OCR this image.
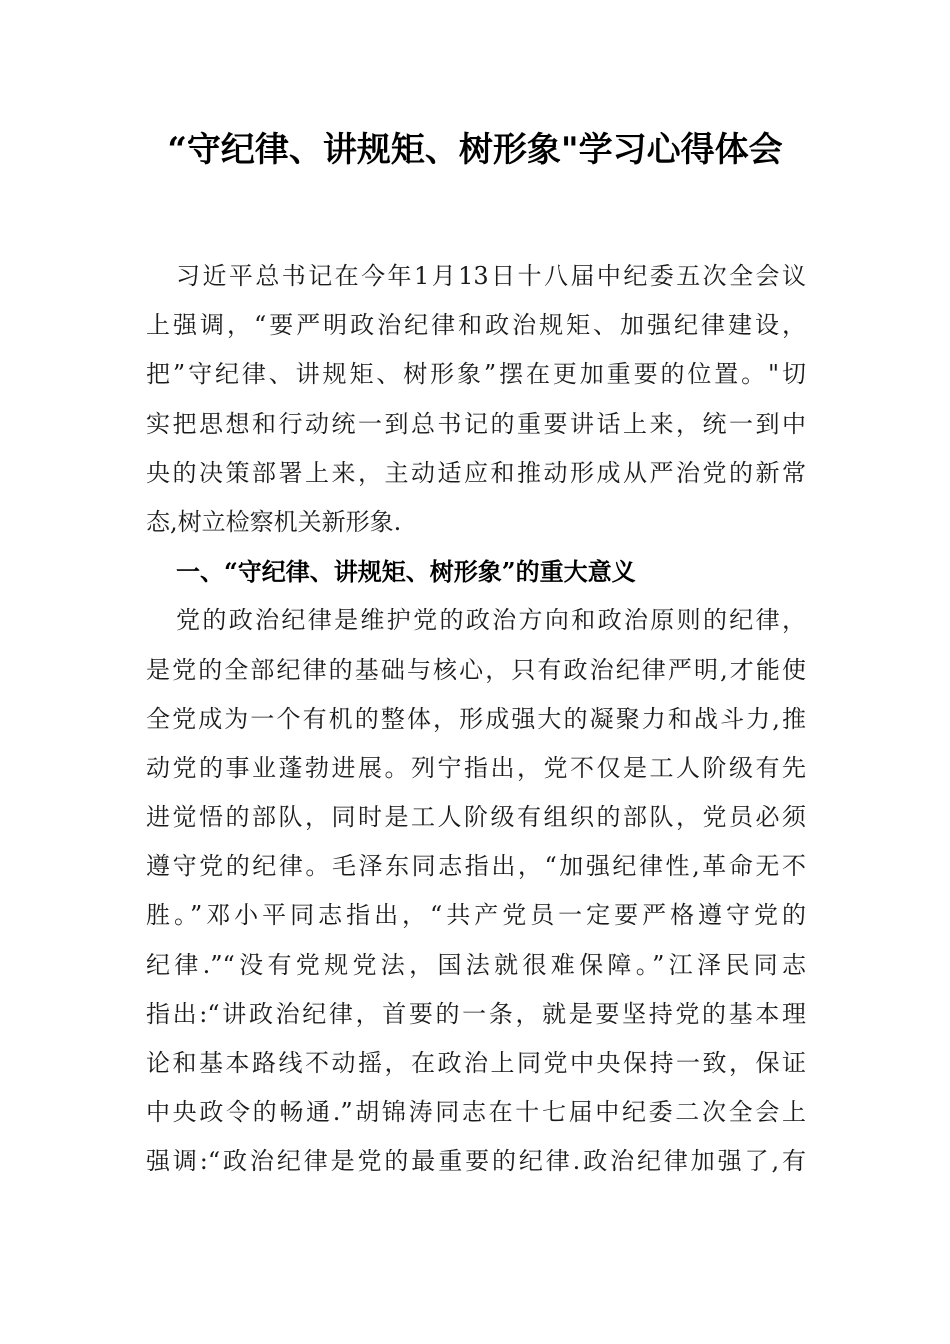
“守纪律、讲规矩、树形象"学习心得体会
习近平总书记在今年1月13日十八届中纪委五次全会议
上强调，“要严明政治纪律和政治规矩、加强纪律建设，
把”守纪律、讲规矩、树形象”摆在更加重要的位置。"切
实把思想和行动统一到总书记的重要讲话上来，统一到中
央的决策部署上来，主动适应和推动形成从严治党的新常
态,树立检察机关新形象.
一、“守纪律、讲规矩、树形象”的重大意义
党的政治纪律是维护党的政治方向和政治原则的纪律，
是党的全部纪律的基础与核心，只有政治纪律严明,才能使
全党成为一个有机的整体，形成强大的凝聚力和战斗力,推
动党的事业蓬勃进展。列宁指出，党不仅是工人阶级有先
进觉悟的部队，同时是工人阶级有组织的部队，党员必须
遵守党的纪律。毛泽东同志指出，“加强纪律性,革命无不
胜。”邓小平同志指出，“共产党员一定要严格遵守党的
纪律.”“没有党规党法，国法就很难保障。”江泽民同志
指出:“讲政治纪律，首要的一条，就是要坚持党的基本理
论和基本路线不动摇，在政治上同党中央保持一致，保证
中央政令的畅通.”胡锦涛同志在十七届中纪委二次全会上
强调:“政治纪律是党的最重要的纪律.政治纪律加强了,有
